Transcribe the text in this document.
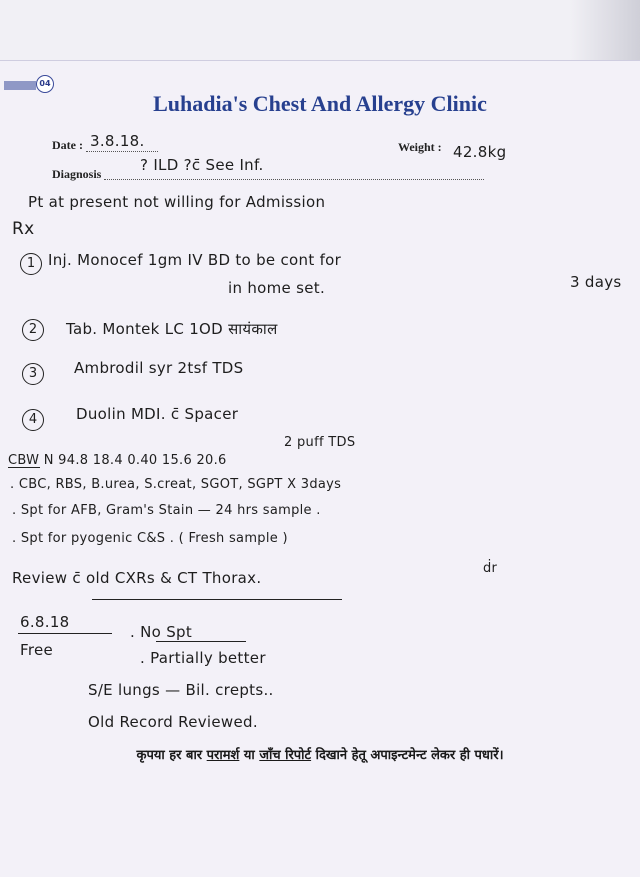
04
Luhadia's Chest And Allergy Clinic
Date : 3.8.18.	Weight : 42.8kg
Diagnosis	? ILD ?c̄ See Inf.
Pt at present not willing for Admission
Rx
1 Inj. Monocef 1gm IV BD to be cont for
in home set.	3 days
2	Tab. Montek LC 1OD सायंकाल
3	Ambrodil syr 2tsf TDS
4	Duolin MDI. c̄ Spacer
2 puff TDS
CBW N 94.8 18.4 0.40 15.6 20.6
. CBC, RBS, B.urea, S.creat, SGOT, SGPT X 3days
. Spt for AFB, Gram's Stain — 24 hrs sample .
. Spt for pyogenic C&S . ( Fresh sample )
Review c̄ old CXRs & CT Thorax.
ḋr
6.8.18
Free
. No Spt
. Partially better
S/E lungs — Bil. crepts..
Old Record Reviewed.
कृपया हर बार परामर्श या जाँच रिपोर्ट दिखाने हेतू अपाइन्टमेन्ट लेकर ही पधारें।
